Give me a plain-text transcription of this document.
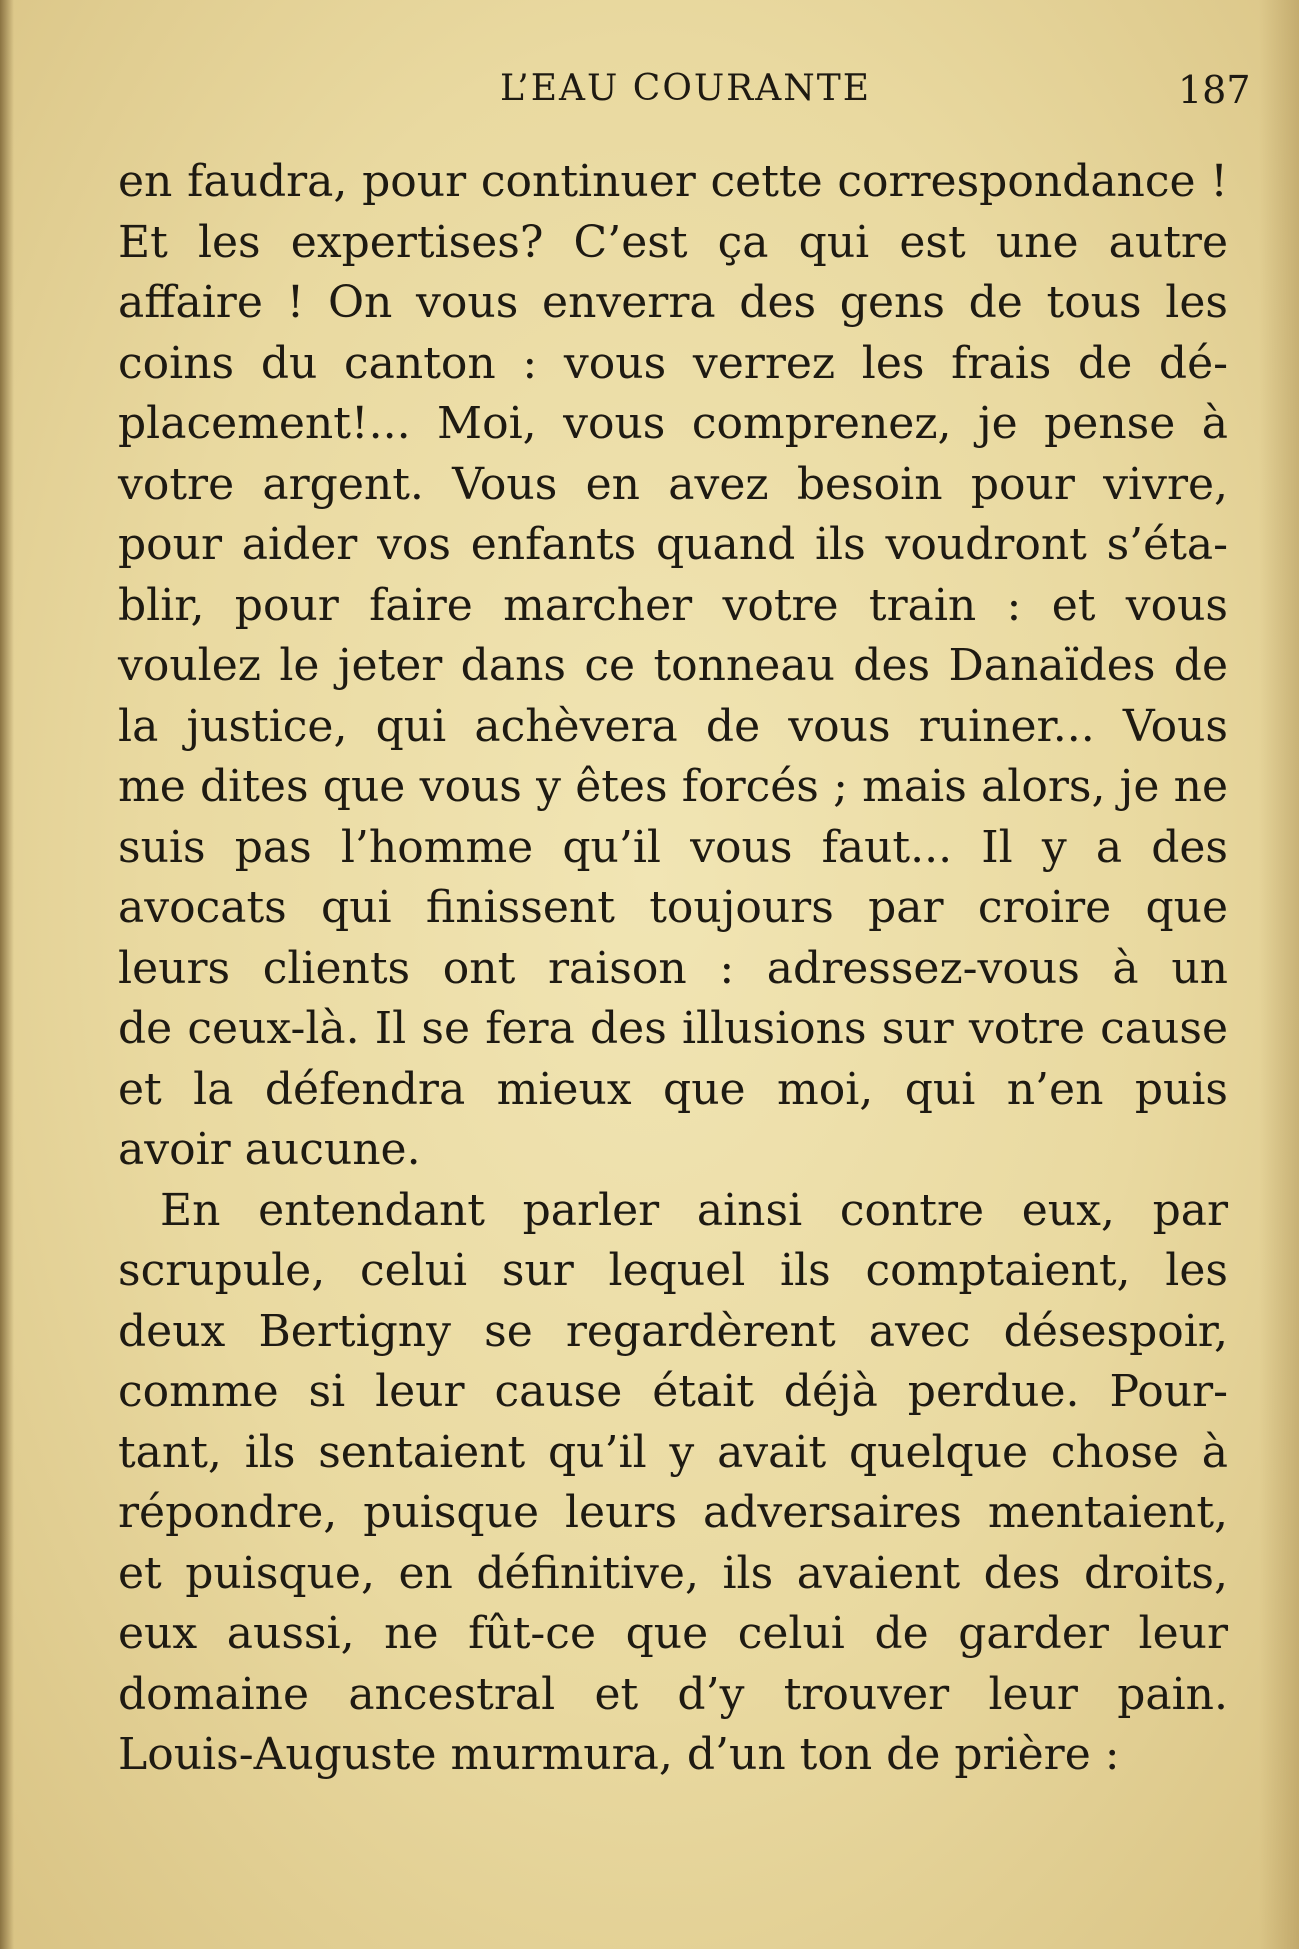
L’EAU COURANTE	187
en faudra, pour continuer cette correspondance !
Et les expertises? C’est ça qui est une autre
affaire ! On vous enverra des gens de tous les
coins du canton : vous verrez les frais de dé-
placement!... Moi, vous comprenez, je pense à
votre argent. Vous en avez besoin pour vivre,
pour aider vos enfants quand ils voudront s’éta-
blir, pour faire marcher votre train : et vous
voulez le jeter dans ce tonneau des Danaïdes de
la justice, qui achèvera de vous ruiner... Vous
me dites que vous y êtes forcés ; mais alors, je ne
suis pas l’homme qu’il vous faut... Il y a des
avocats qui finissent toujours par croire que
leurs clients ont raison : adressez-vous à un
de ceux-là. Il se fera des illusions sur votre cause
et la défendra mieux que moi, qui n’en puis
avoir aucune.
En entendant parler ainsi contre eux, par
scrupule, celui sur lequel ils comptaient, les
deux Bertigny se regardèrent avec désespoir,
comme si leur cause était déjà perdue. Pour-
tant, ils sentaient qu’il y avait quelque chose à
répondre, puisque leurs adversaires mentaient,
et puisque, en définitive, ils avaient des droits,
eux aussi, ne fût-ce que celui de garder leur
domaine ancestral et d’y trouver leur pain.
Louis-Auguste murmura, d’un ton de prière :
